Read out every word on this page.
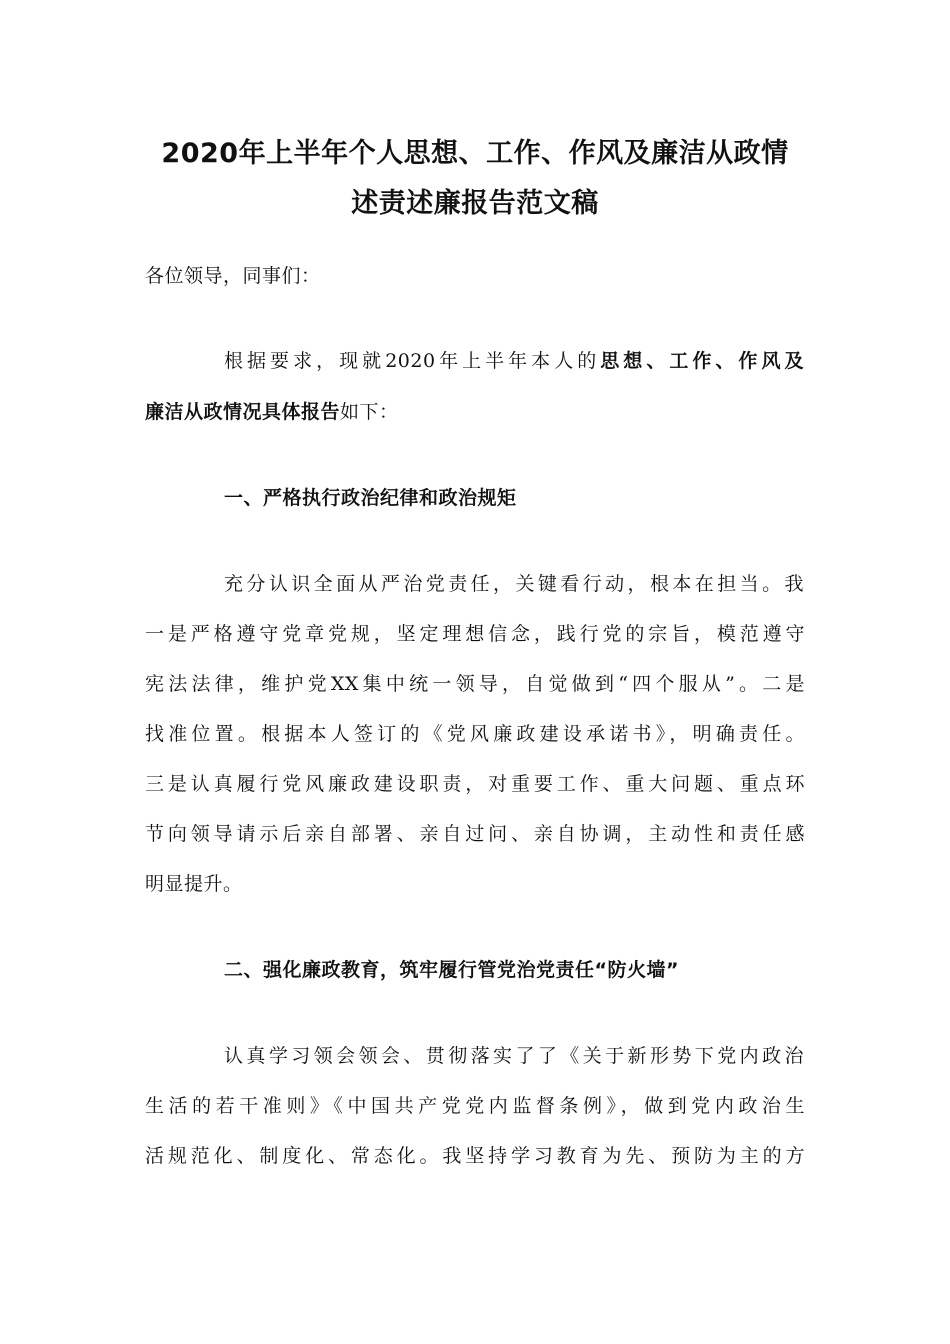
2020年上半年个人思想、工作、作风及廉洁从政情
述责述廉报告范文稿
各位领导，同事们：
根据要求，现就2020年上半年本人的思想、工作、作风及
廉洁从政情况具体报告如下：
一、严格执行政治纪律和政治规矩
充分认识全面从严治党责任，关键看行动，根本在担当。我
一是严格遵守党章党规，坚定理想信念，践行党的宗旨，模范遵守
宪法法律，维护党XX集中统一领导，自觉做到“四个服从”。二是
找准位置。根据本人签订的《党风廉政建设承诺书》，明确责任。
三是认真履行党风廉政建设职责，对重要工作、重大问题、重点环
节向领导请示后亲自部署、亲自过问、亲自协调，主动性和责任感
明显提升。
二、强化廉政教育，筑牢履行管党治党责任“防火墙”
认真学习领会领会、贯彻落实了了《关于新形势下党内政治
生活的若干准则》《中国共产党党内监督条例》，做到党内政治生
活规范化、制度化、常态化。我坚持学习教育为先、预防为主的方
